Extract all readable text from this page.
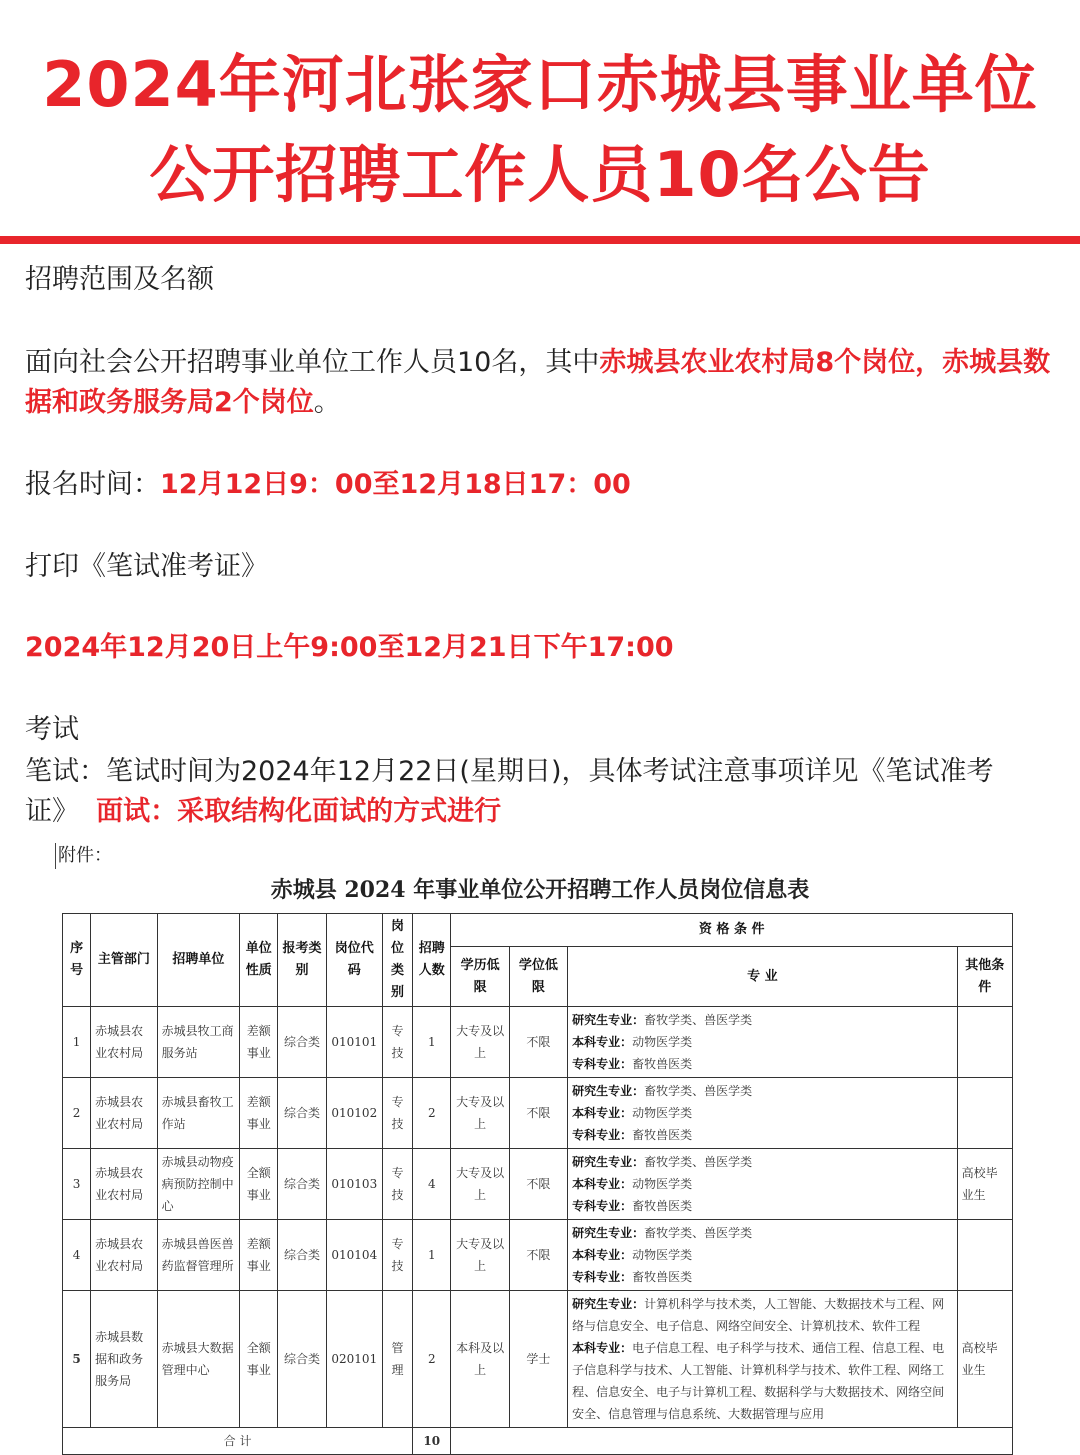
2024年河北张家口赤城县事业单位
公开招聘工作人员10名公告
招聘范围及名额
面向社会公开招聘事业单位工作人员10名，其中赤城县农业农村局8个岗位，赤城县数据和政务服务局2个岗位。
报名时间：12月12日9：00至12月18日17：00
打印《笔试准考证》
2024年12月20日上午9:00至12月21日下午17:00
考试
笔试：笔试时间为2024年12月22日(星期日)，具体考试注意事项详见《笔试准考证》 面试：采取结构化面试的方式进行
附件：
赤城县 2024 年事业单位公开招聘工作人员岗位信息表
序号	主管部门	招聘单位	单位性质	报考类别	岗位代码	岗位类别	招聘人数	资 格 条 件			
								学历低限	学位低限	专 业	其他条件
1	赤城县农业农村局	赤城县牧工商服务站	差额事业	综合类	010101	专技	1	大专及以上	不限	研究生专业：畜牧学类、兽医学类
本科专业：动物医学类
专科专业：畜牧兽医类	

2	赤城县农业农村局	赤城县畜牧工作站	差额事业	综合类	010102	专技	2	大专及以上	不限	研究生专业：畜牧学类、兽医学类
本科专业：动物医学类
专科专业：畜牧兽医类	

3	赤城县农业农村局	赤城县动物疫病预防控制中心	全额事业	综合类	010103	专技	4	大专及以上	不限	研究生专业：畜牧学类、兽医学类
本科专业：动物医学类
专科专业：畜牧兽医类	高校毕业生
4	赤城县农业农村局	赤城县兽医兽药监督管理所	差额事业	综合类	010104	专技	1	大专及以上	不限	研究生专业：畜牧学类、兽医学类
本科专业：动物医学类
专科专业：畜牧兽医类	

5	赤城县数据和政务服务局	赤城县大数据管理中心	全额事业	综合类	020101	管理	2	本科及以上	学士	研究生专业：计算机科学与技术类，人工智能、大数据技术与工程、网络与信息安全、电子信息、网络空间安全、计算机技术、软件工程
本科专业：电子信息工程、电子科学与技术、通信工程、信息工程、电子信息科学与技术、人工智能、计算机科学与技术、软件工程、网络工程、信息安全、电子与计算机工程、数据科学与大数据技术、网络空间安全、信息管理与信息系统、大数据管理与应用	高校毕业生
合 计							10				
